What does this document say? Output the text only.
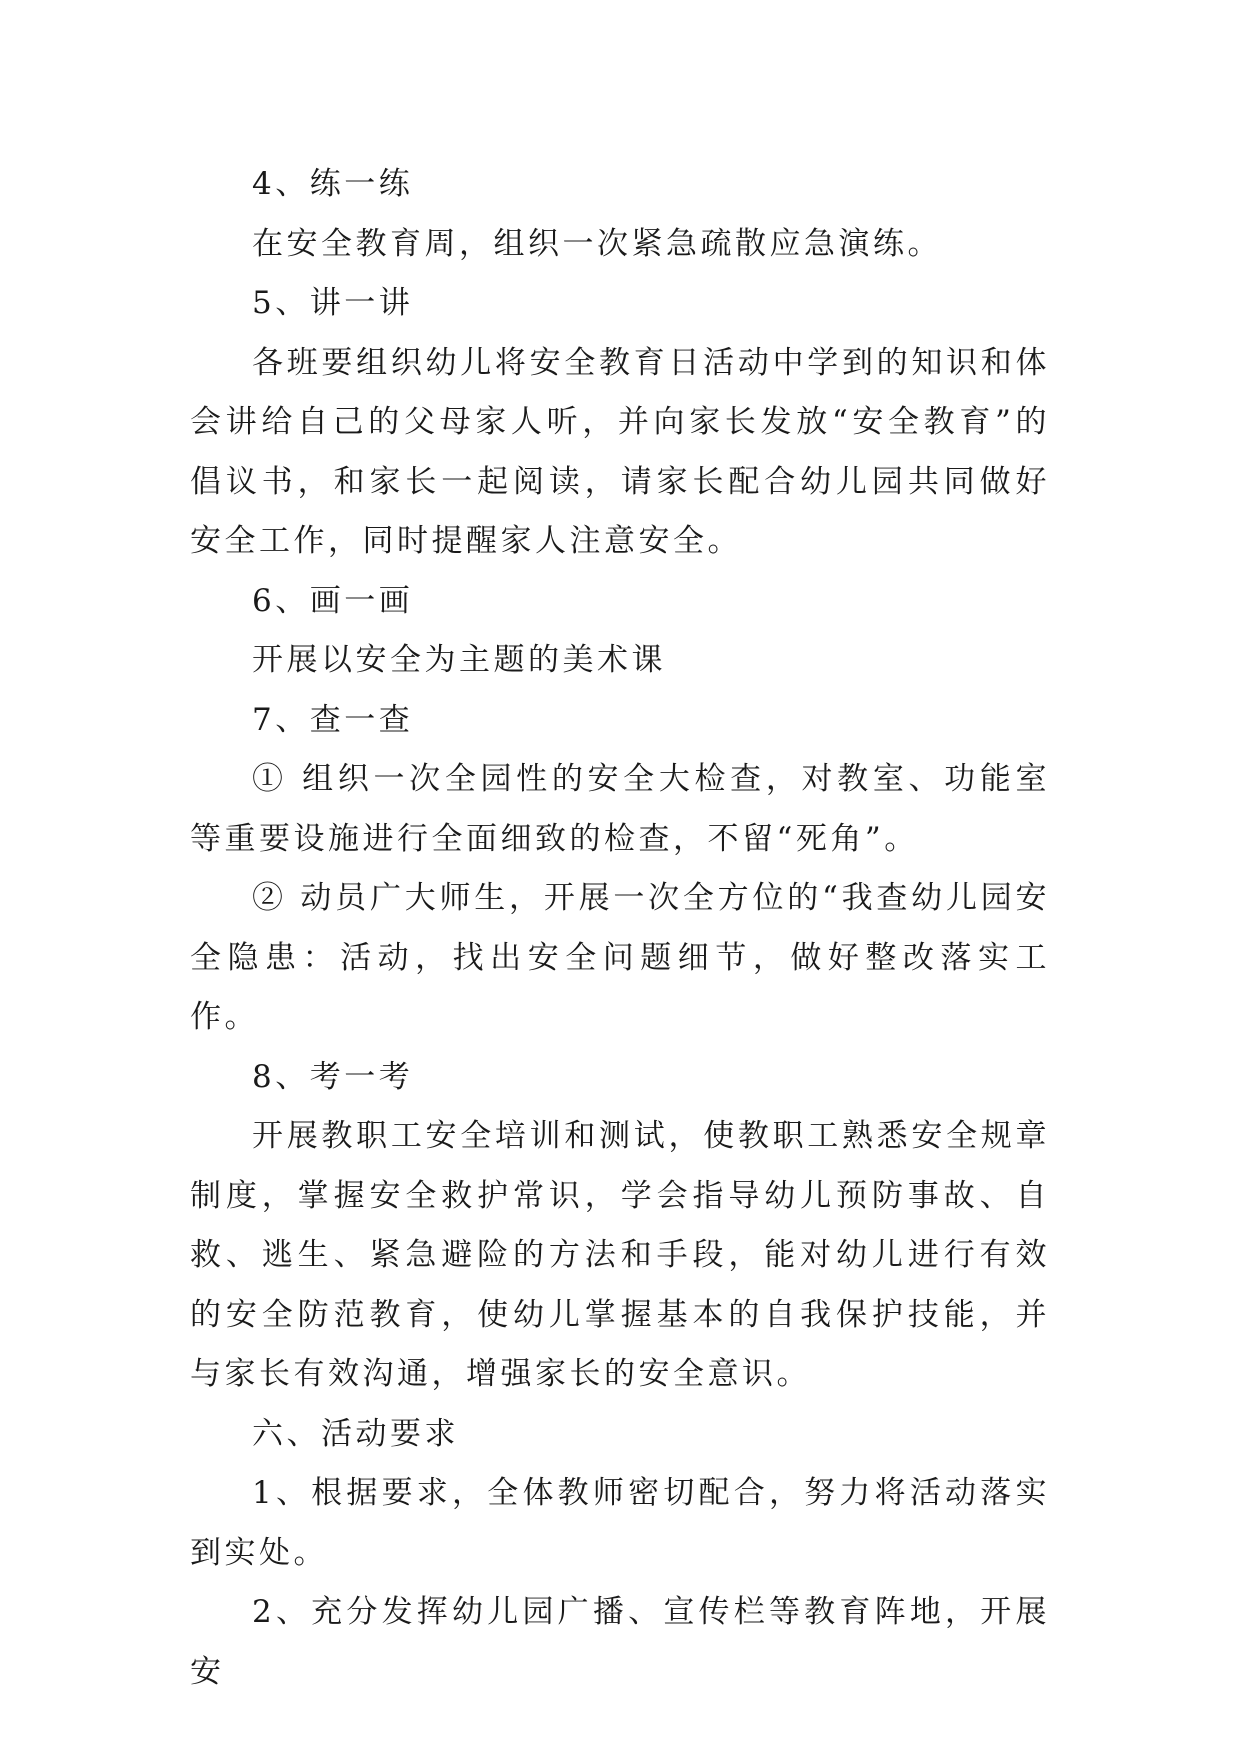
4、练一练

在安全教育周，组织一次紧急疏散应急演练。

5、讲一讲

各班要组织幼儿将安全教育日活动中学到的知识和体会讲给自己的父母家人听，并向家长发放“安全教育”的倡议书，和家长一起阅读，请家长配合幼儿园共同做好安全工作，同时提醒家人注意安全。

6、画一画

开展以安全为主题的美术课

7、查一查

① 组织一次全园性的安全大检查，对教室、功能室等重要设施进行全面细致的检查，不留“死角”。

② 动员广大师生，开展一次全方位的“我查幼儿园安全隐患：活动，找出安全问题细节，做好整改落实工作。

8、考一考

开展教职工安全培训和测试，使教职工熟悉安全规章制度，掌握安全救护常识，学会指导幼儿预防事故、自救、逃生、紧急避险的方法和手段，能对幼儿进行有效的安全防范教育，使幼儿掌握基本的自我保护技能，并与家长有效沟通，增强家长的安全意识。

六、活动要求

1、根据要求，全体教师密切配合，努力将活动落实到实处。

2、充分发挥幼儿园广播、宣传栏等教育阵地，开展安
